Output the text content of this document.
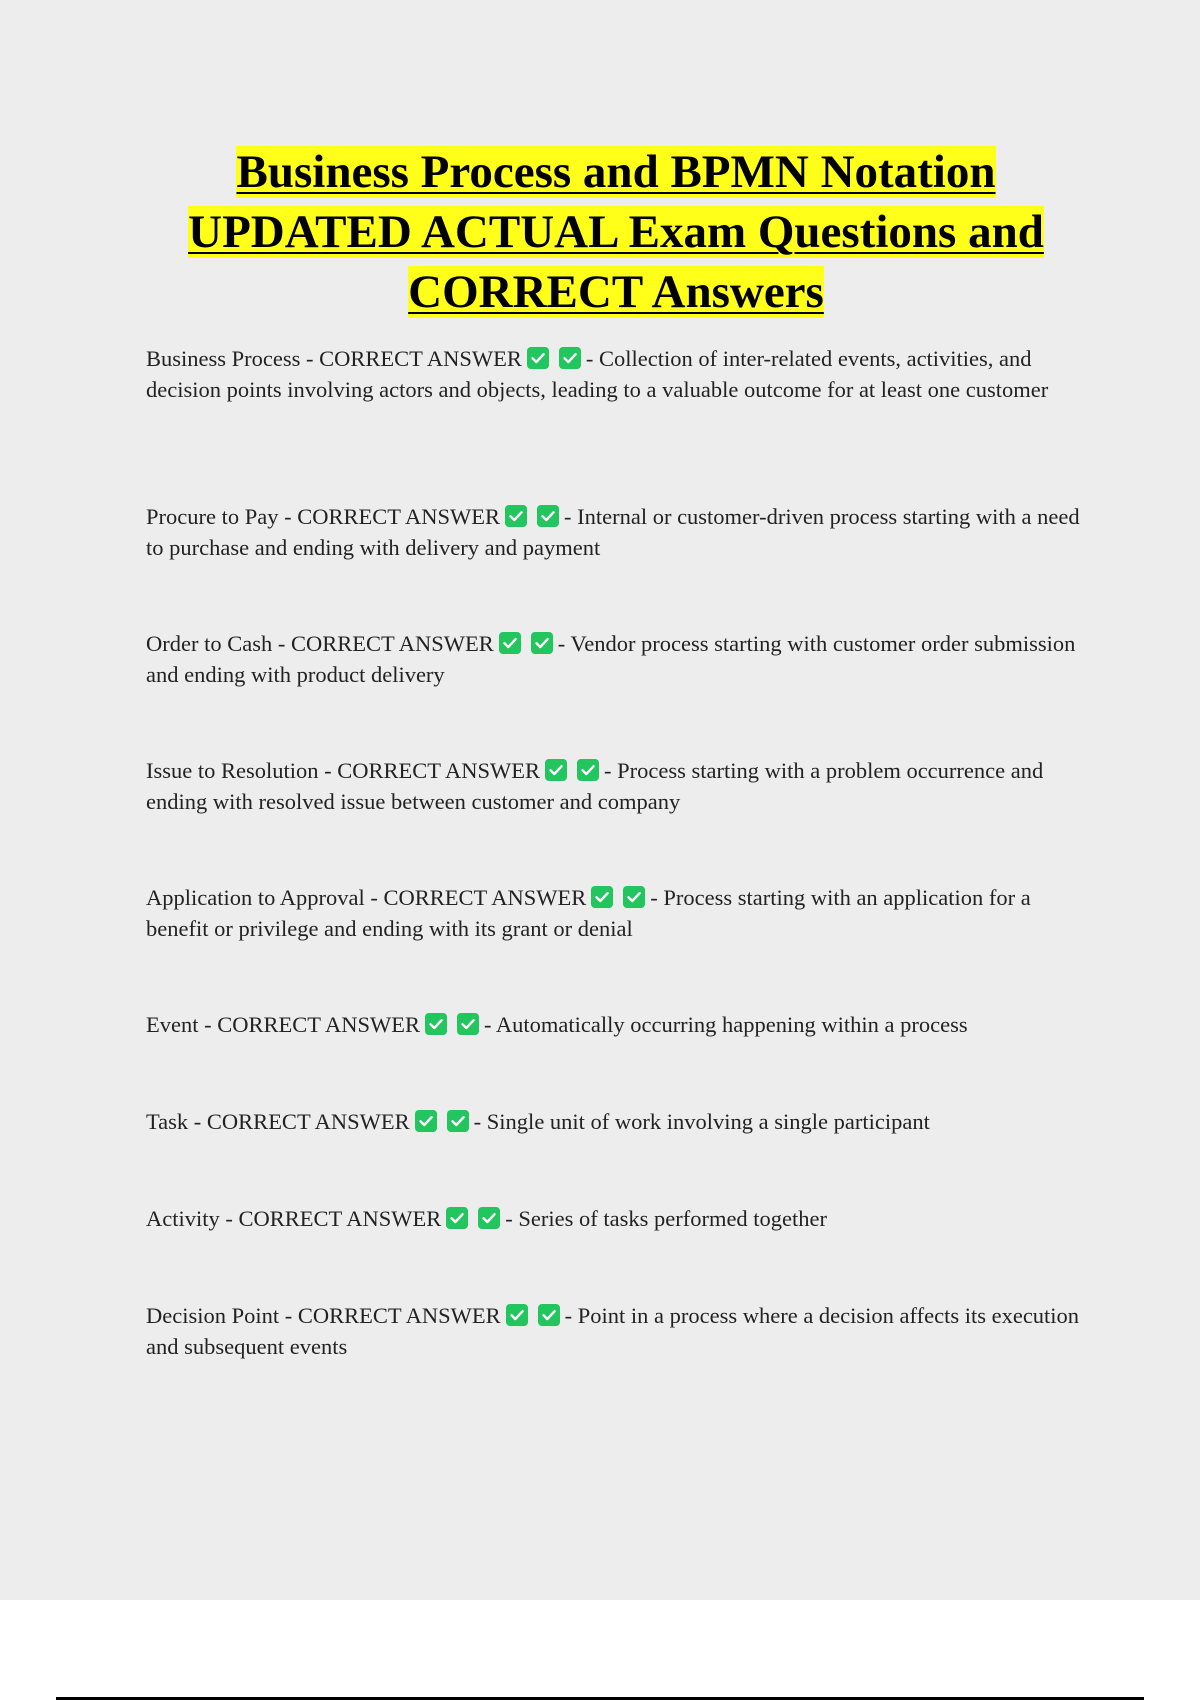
Business Process and BPMN Notation
UPDATED ACTUAL Exam Questions and
CORRECT Answers

Business Process - CORRECT ANSWER	- Collection of inter-related events, activities, and decision points involving actors and objects, leading to a valuable outcome for at least one customer

Procure to Pay - CORRECT ANSWER	- Internal or customer-driven process starting with a need to purchase and ending with delivery and payment

Order to Cash - CORRECT ANSWER	- Vendor process starting with customer order submission and ending with product delivery

Issue to Resolution - CORRECT ANSWER	- Process starting with a problem occurrence and ending with resolved issue between customer and company

Application to Approval - CORRECT ANSWER	- Process starting with an application for a benefit or privilege and ending with its grant or denial

Event - CORRECT ANSWER	- Automatically occurring happening within a process

Task - CORRECT ANSWER	- Single unit of work involving a single participant

Activity - CORRECT ANSWER	- Series of tasks performed together

Decision Point - CORRECT ANSWER	- Point in a process where a decision affects its execution and subsequent events
